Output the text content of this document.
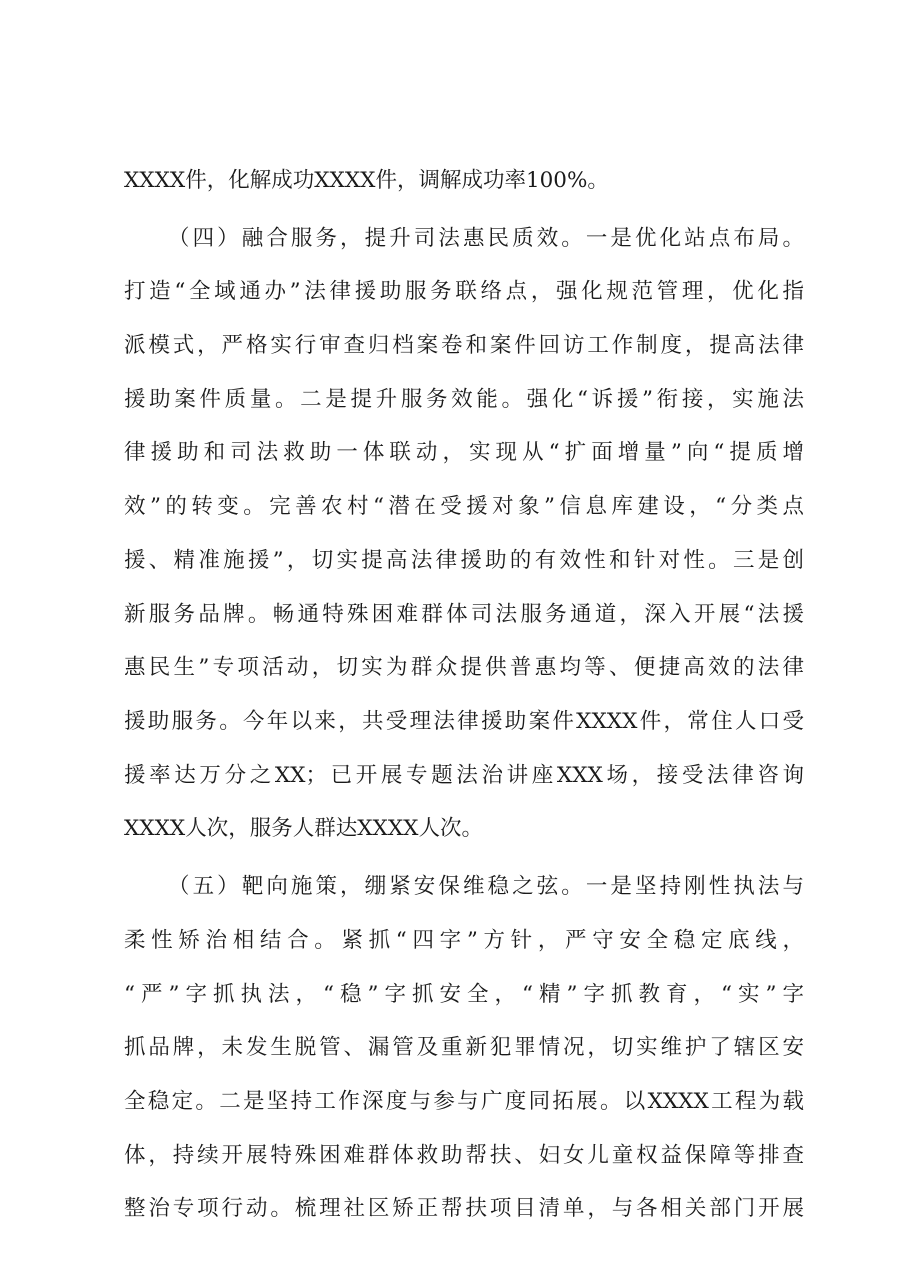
XXXX件，化解成功XXXX件，调解成功率100%。

（四）融合服务，提升司法惠民质效。一是优化站点布局。

打造“全域通办”法律援助服务联络点，强化规范管理，优化指

派模式，严格实行审查归档案卷和案件回访工作制度，提高法律

援助案件质量。二是提升服务效能。强化“诉援”衔接，实施法

律援助和司法救助一体联动，实现从“扩面增量”向“提质增

效”的转变。完善农村“潜在受援对象”信息库建设，“分类点

援、精准施援”，切实提高法律援助的有效性和针对性。三是创

新服务品牌。畅通特殊困难群体司法服务通道，深入开展“法援

惠民生”专项活动，切实为群众提供普惠均等、便捷高效的法律

援助服务。今年以来，共受理法律援助案件XXXX件，常住人口受

援率达万分之XX；已开展专题法治讲座XXX场，接受法律咨询

XXXX人次，服务人群达XXXX人次。

（五）靶向施策，绷紧安保维稳之弦。一是坚持刚性执法与

柔性矫治相结合。紧抓“四字”方针，严守安全稳定底线，

“严”字抓执法，“稳”字抓安全，“精”字抓教育，“实”字

抓品牌，未发生脱管、漏管及重新犯罪情况，切实维护了辖区安

全稳定。二是坚持工作深度与参与广度同拓展。以XXXX工程为载

体，持续开展特殊困难群体救助帮扶、妇女儿童权益保障等排查

整治专项行动。梳理社区矫正帮扶项目清单，与各相关部门开展
